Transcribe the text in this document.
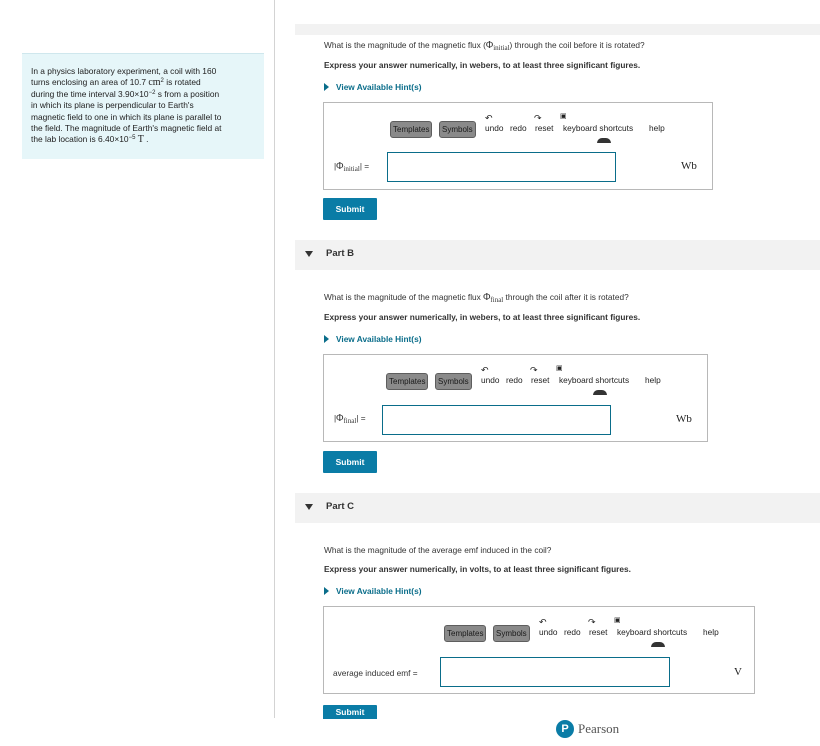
In a physics laboratory experiment, a coil with 160
turns enclosing an area of 10.7 $cm^2$ is rotated
during the time interval $3.90\times 10^{-2}$ s from a position
in which its plane is perpendicular to Earth's
magnetic field to one in which its plane is parallel to
the field. The magnitude of Earth's magnetic field at
the lab location is $6.40\times 10^{-5}$ T .
What is the magnitude of the magnetic flux $(\Phi_{initial})$ through the coil before it is rotated?
Express your answer numerically, in webers, to at least three significant figures.
View Available Hint(s)
Templates	Symbols
↶
undo
↷
redo
▣
reset keyboard shortcuts help
$|\Phi_{initial}|$ =	Wb
Submit
Part B
What is the magnitude of the magnetic flux $\Phi_{final}$ through the coil after it is rotated?
Express your answer numerically, in webers, to at least three significant figures.
View Available Hint(s)
Templates	Symbols
↶
undo
↷
redo
▣
reset keyboard shortcuts help
$|\Phi_{final}|$ =	Wb
Submit
Part C
What is the magnitude of the average emf induced in the coil?
Express your answer numerically, in volts, to at least three significant figures.
View Available Hint(s)
Templates	Symbols
↶
undo
↷
redo
▣
reset keyboard shortcuts help
average induced emf =	V
Submit
P Pearson
